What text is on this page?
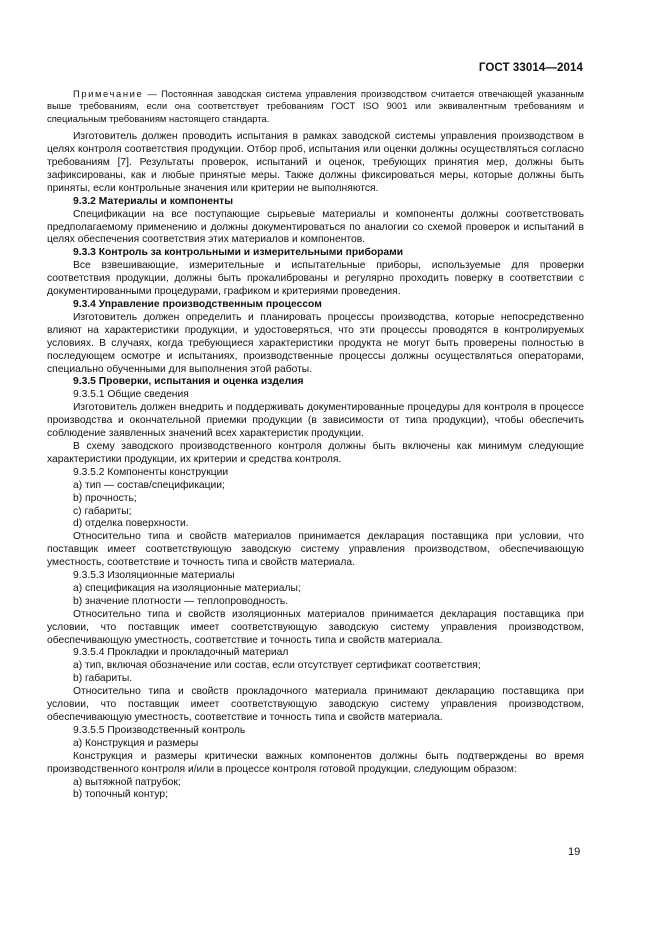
ГОСТ 33014—2014

Примечание — Постоянная заводская система управления производством считается отвечающей указанным выше требованиям, если она соответствует требованиям ГОСТ ISO 9001 или эквивалентным требованиям и специальным требованиям настоящего стандарта.

Изготовитель должен проводить испытания в рамках заводской системы управления производством в целях контроля соответствия продукции. Отбор проб, испытания или оценки должны осуществляться согласно требованиям [7]. Результаты проверок, испытаний и оценок, требующих принятия мер, должны быть зафиксированы, как и любые принятые меры. Также должны фиксироваться меры, которые должны быть приняты, если контрольные значения или критерии не выполняются.

9.3.2 Материалы и компоненты

Спецификации на все поступающие сырьевые материалы и компоненты должны соответствовать предполагаемому применению и должны документироваться по аналогии со схемой проверок и испытаний в целях обеспечения соответствия этих материалов и компонентов.

9.3.3 Контроль за контрольными и измерительными приборами

Все взвешивающие, измерительные и испытательные приборы, используемые для проверки соответствия продукции, должны быть прокалиброваны и регулярно проходить поверку в соответствии с документированными процедурами, графиком и критериями проведения.

9.3.4 Управление производственным процессом

Изготовитель должен определить и планировать процессы производства, которые непосредственно влияют на характеристики продукции, и удостоверяться, что эти процессы проводятся в контролируемых условиях. В случаях, когда требующиеся характеристики продукта не могут быть проверены полностью в последующем осмотре и испытаниях, производственные процессы должны осуществляться операторами, специально обученными для выполнения этой работы.

9.3.5 Проверки, испытания и оценка изделия

9.3.5.1 Общие сведения

Изготовитель должен внедрить и поддерживать документированные процедуры для контроля в процессе производства и окончательной приемки продукции (в зависимости от типа продукции), чтобы обеспечить соблюдение заявленных значений всех характеристик продукции.

В схему заводского производственного контроля должны быть включены как минимум следующие характеристики продукции, их критерии и средства контроля.

9.3.5.2 Компоненты конструкции

а) тип — состав/спецификации;

b) прочность;

c) габариты;

d) отделка поверхности.

Относительно типа и свойств материалов принимается декларация поставщика при условии, что поставщик имеет соответствующую заводскую систему управления производством, обеспечивающую уместность, соответствие и точность типа и свойств материала.

9.3.5.3 Изоляционные материалы

а) спецификация на изоляционные материалы;

b) значение плотности — теплопроводность.

Относительно типа и свойств изоляционных материалов принимается декларация поставщика при условии, что поставщик имеет соответствующую заводскую систему управления производством, обеспечивающую уместность, соответствие и точность типа и свойств материала.

9.3.5.4 Прокладки и прокладочный материал

а) тип, включая обозначение или состав, если отсутствует сертификат соответствия;

b) габариты.

Относительно типа и свойств прокладочного материала принимают декларацию поставщика при условии, что поставщик имеет соответствующую заводскую систему управления производством, обеспечивающую уместность, соответствие и точность типа и свойств материала.

9.3.5.5 Производственный контроль

а) Конструкция и размеры

Конструкция и размеры критически важных компонентов должны быть подтверждены во время производственного контроля и/или в процессе контроля готовой продукции, следующим образом:

а) вытяжной патрубок;

b) топочный контур;

19
